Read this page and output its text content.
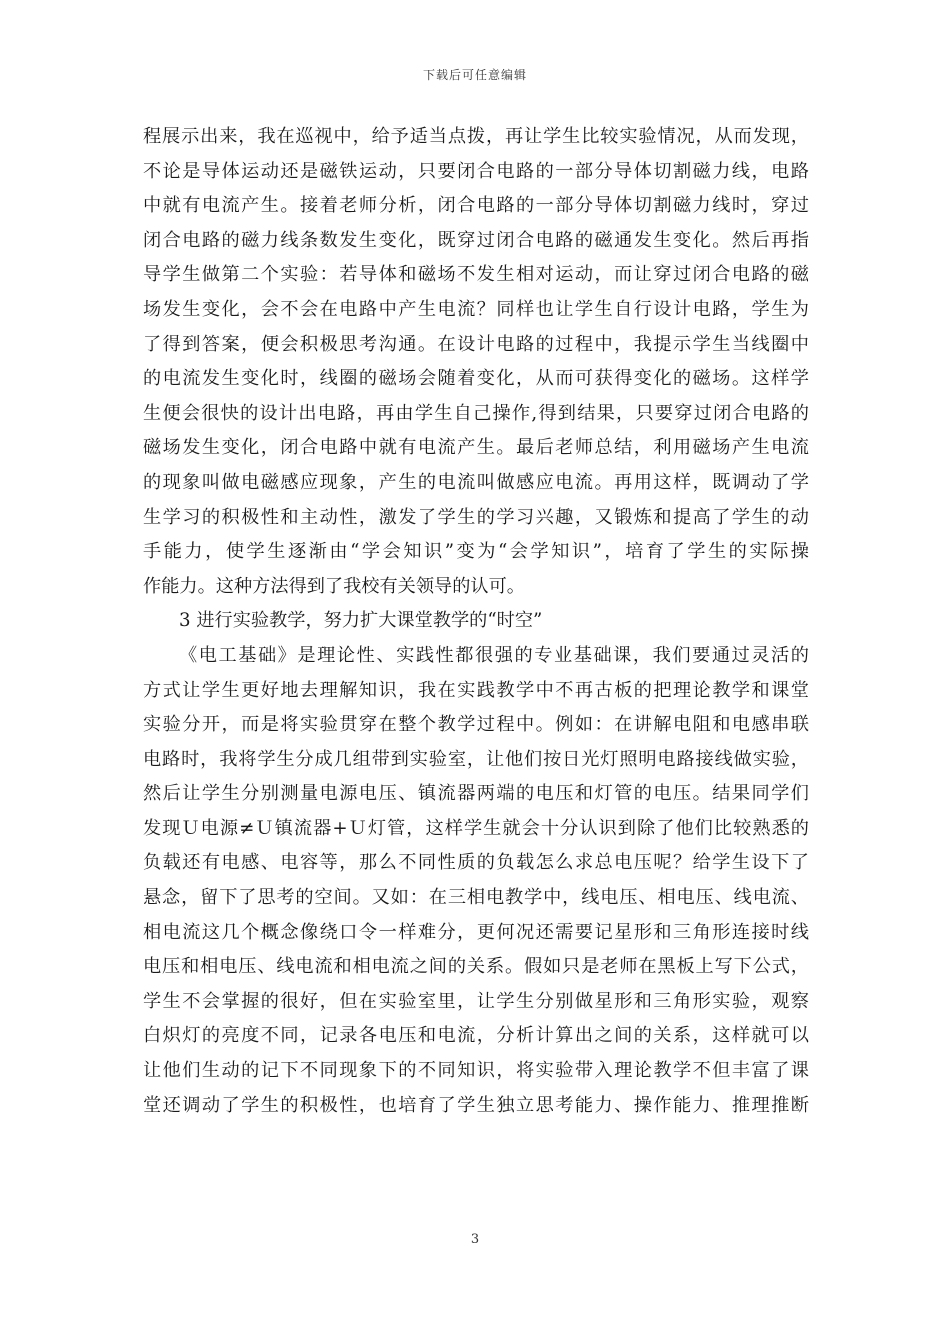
下载后可任意编辑
程展示出来，我在巡视中，给予适当点拨，再让学生比较实验情况，从而发现，
不论是导体运动还是磁铁运动，只要闭合电路的一部分导体切割磁力线，电路
中就有电流产生。接着老师分析，闭合电路的一部分导体切割磁力线时，穿过
闭合电路的磁力线条数发生变化，既穿过闭合电路的磁通发生变化。然后再指
导学生做第二个实验：若导体和磁场不发生相对运动，而让穿过闭合电路的磁
场发生变化，会不会在电路中产生电流？同样也让学生自行设计电路，学生为
了得到答案，便会积极思考沟通。在设计电路的过程中，我提示学生当线圈中
的电流发生变化时，线圈的磁场会随着变化，从而可获得变化的磁场。这样学
生便会很快的设计出电路，再由学生自己操作,得到结果，只要穿过闭合电路的
磁场发生变化，闭合电路中就有电流产生。最后老师总结，利用磁场产生电流
的现象叫做电磁感应现象，产生的电流叫做感应电流。再用这样，既调动了学
生学习的积极性和主动性，激发了学生的学习兴趣，又锻炼和提高了学生的动
手能力，使学生逐渐由“学会知识”变为“会学知识”，培育了学生的实际操
作能力。这种方法得到了我校有关领导的认可。
3 进行实验教学，努力扩大课堂教学的“时空”
《电工基础》是理论性、实践性都很强的专业基础课，我们要通过灵活的
方式让学生更好地去理解知识，我在实践教学中不再古板的把理论教学和课堂
实验分开，而是将实验贯穿在整个教学过程中。例如：在讲解电阻和电感串联
电路时，我将学生分成几组带到实验室，让他们按日光灯照明电路接线做实验，
然后让学生分别测量电源电压、镇流器两端的电压和灯管的电压。结果同学们
发现Ｕ电源≠Ｕ镇流器+Ｕ灯管，这样学生就会十分认识到除了他们比较熟悉的
负载还有电感、电容等，那么不同性质的负载怎么求总电压呢？给学生设下了
悬念，留下了思考的空间。又如：在三相电教学中，线电压、相电压、线电流、
相电流这几个概念像绕口令一样难分，更何况还需要记星形和三角形连接时线
电压和相电压、线电流和相电流之间的关系。假如只是老师在黑板上写下公式，
学生不会掌握的很好，但在实验室里，让学生分别做星形和三角形实验，观察
白炽灯的亮度不同，记录各电压和电流，分析计算出之间的关系，这样就可以
让他们生动的记下不同现象下的不同知识，将实验带入理论教学不但丰富了课
堂还调动了学生的积极性，也培育了学生独立思考能力、操作能力、推理推断
3
